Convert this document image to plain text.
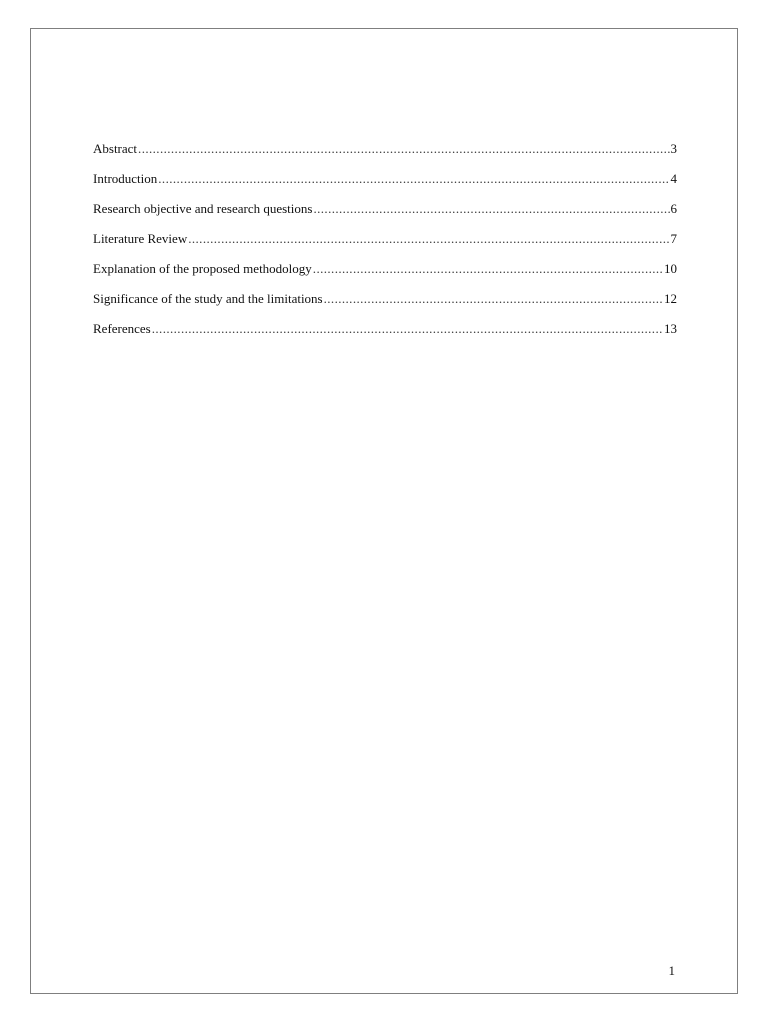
Abstract .....	3
Introduction .....	4
Research objective and research questions .....	6
Literature Review .....	7
Explanation of the proposed methodology .....	10
Significance of the study and the limitations .....	12
References .....	13
1
